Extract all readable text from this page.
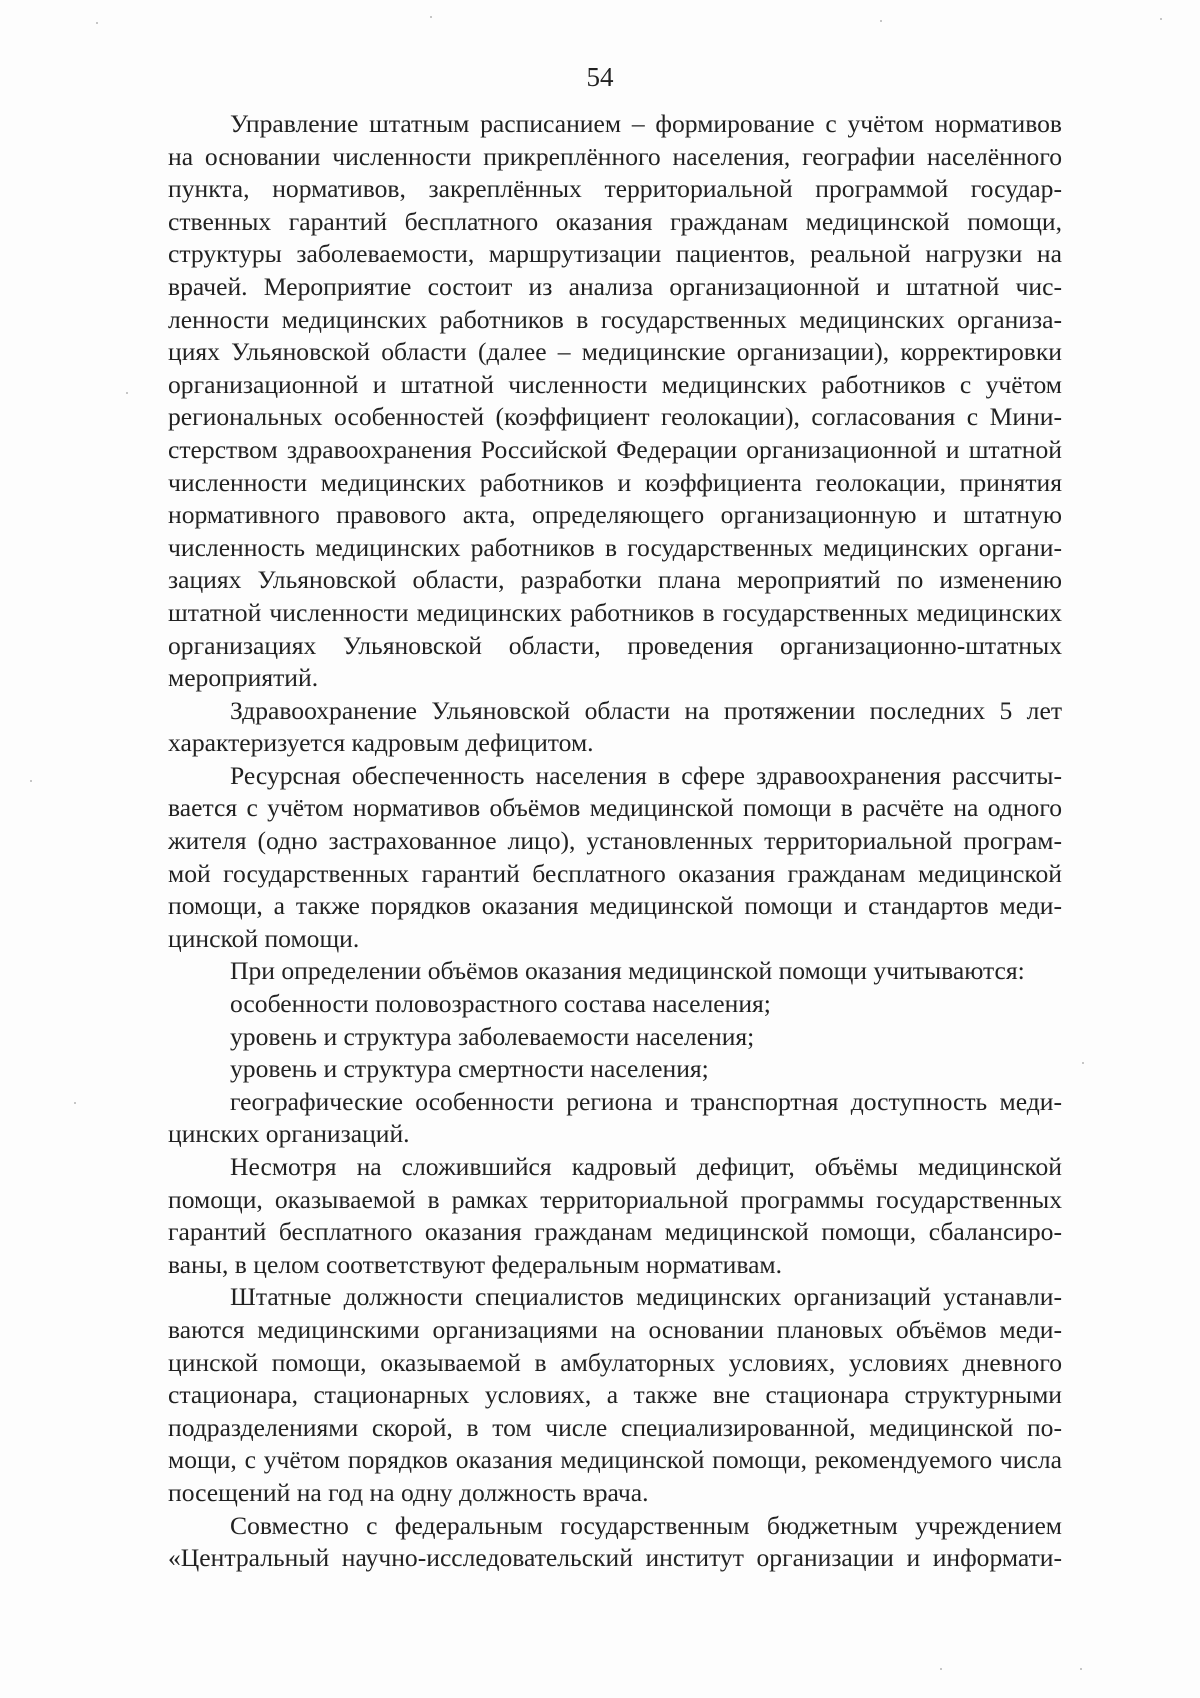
54

Управление штатным расписанием – формирование с учётом нормативов на основании численности прикреплённого населения, географии населённого пункта, нормативов, закреплённых территориальной программой государственных гарантий бесплатного оказания гражданам медицинской помощи, структуры заболеваемости, маршрутизации пациентов, реальной нагрузки на врачей. Мероприятие состоит из анализа организационной и штатной численности медицинских работников в государственных медицинских организациях Ульяновской области (далее – медицинские организации), корректировки организационной и штатной численности медицинских работников с учётом региональных особенностей (коэффициент геолокации), согласования с Министерством здравоохранения Российской Федерации организационной и штатной численности медицинских работников и коэффициента геолокации, принятия нормативного правового акта, определяющего организационную и штатную численность медицинских работников в государственных медицинских организациях Ульяновской области, разработки плана мероприятий по изменению штатной численности медицинских работников в государственных медицинских организациях Ульяновской области, проведения организационно-штатных мероприятий.

Здравоохранение Ульяновской области на протяжении последних 5 лет характеризуется кадровым дефицитом.

Ресурсная обеспеченность населения в сфере здравоохранения рассчитывается с учётом нормативов объёмов медицинской помощи в расчёте на одного жителя (одно застрахованное лицо), установленных территориальной программой государственных гарантий бесплатного оказания гражданам медицинской помощи, а также порядков оказания медицинской помощи и стандартов медицинской помощи.

При определении объёмов оказания медицинской помощи учитываются:

особенности половозрастного состава населения;

уровень и структура заболеваемости населения;

уровень и структура смертности населения;

географические особенности региона и транспортная доступность медицинских организаций.

Несмотря на сложившийся кадровый дефицит, объёмы медицинской помощи, оказываемой в рамках территориальной программы государственных гарантий бесплатного оказания гражданам медицинской помощи, сбалансированы, в целом соответствуют федеральным нормативам.

Штатные должности специалистов медицинских организаций устанавливаются медицинскими организациями на основании плановых объёмов медицинской помощи, оказываемой в амбулаторных условиях, условиях дневного стационара, стационарных условиях, а также вне стационара структурными подразделениями скорой, в том числе специализированной, медицинской помощи, с учётом порядков оказания медицинской помощи, рекомендуемого числа посещений на год на одну должность врача.

Совместно с федеральным государственным бюджетным учреждением «Центральный научно-исследовательский институт организации и информати-
